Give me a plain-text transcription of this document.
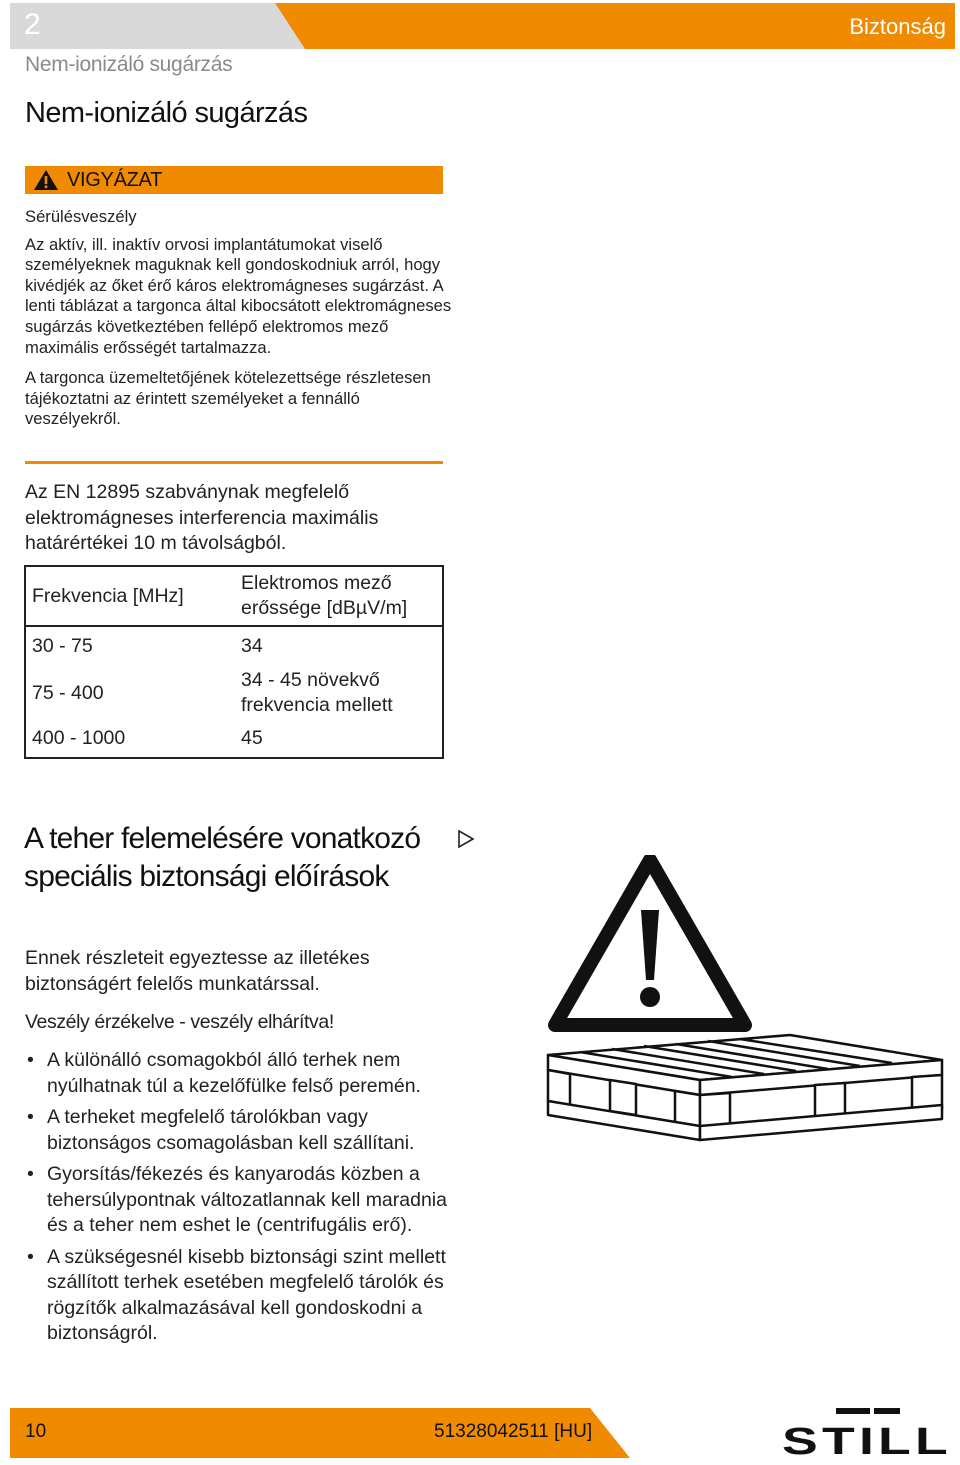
2	Biztonság
Nem-ionizáló sugárzás
Nem-ionizáló sugárzás
VIGYÁZAT

Sérülésveszély

Az aktív, ill. inaktív orvosi implantátumokat viselő személyeknek maguknak kell gondoskodniuk arról, hogy kivédjék az őket érő káros elektromágneses sugárzást. A lenti táblázat a targonca által kibocsátott elektromágneses sugárzás következtében fellépő elektromos mező maximális erősségét tartalmazza.

A targonca üzemeltetőjének kötelezettsége részletesen tájékoztatni az érintett személyeket a fennálló veszélyekről.

Az EN 12895 szabványnak megfelelő elektromágneses interferencia maximális határértékei 10 m távolságból.
Frekvencia [MHz]	Elektromos mező erőssége [dBµV/m]
30 - 75	34
75 - 400	34 - 45 növekvő frekvencia mellett
400 - 1000	45
A teher felemelésére vonatkozó speciális biztonsági előírások
Ennek részleteit egyeztesse az illetékes biztonságért felelős munkatárssal.
Veszély érzékelve - veszély elhárítva!
• A különálló csomagokból álló terhek nem nyúlhatnak túl a kezelőfülke felső peremén.
• A terheket megfelelő tárolókban vagy biztonságos csomagolásban kell szállítani.
• Gyorsítás/fékezés és kanyarodás közben a tehersúlypontnak változatlannak kell maradnia és a teher nem eshet le (centrifugális erő).
• A szükségesnél kisebb biztonsági szint mellett szállított terhek esetében megfelelő tárolók és rögzítők alkalmazásával kell gondoskodni a biztonságról.
10	51328042511 [HU]	STILL
